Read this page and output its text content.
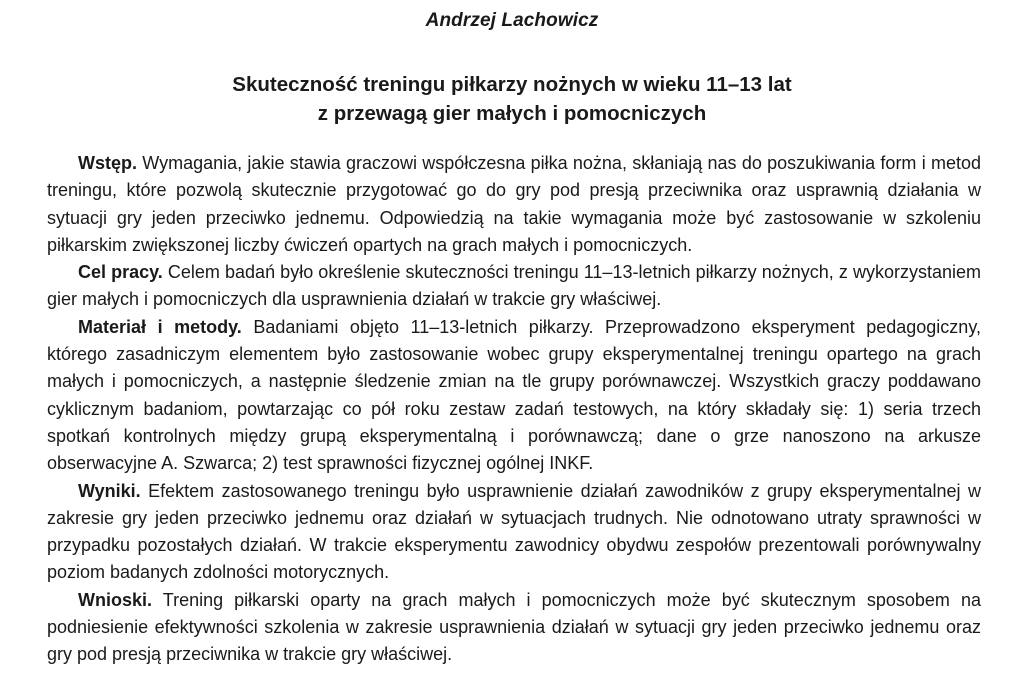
Andrzej Lachowicz
Skuteczność treningu piłkarzy nożnych w wieku 11–13 lat
z przewagą gier małych i pomocniczych

Wstęp. Wymagania, jakie stawia graczowi współczesna piłka nożna, skłaniają nas do poszukiwania form i metod treningu, które pozwolą skutecznie przygotować go do gry pod presją przeciwnika oraz usprawnią działania w sytuacji gry jeden przeciwko jednemu. Odpowiedzią na takie wymagania może być zastosowanie w szkoleniu piłkarskim zwiększonej liczby ćwiczeń opartych na grach małych i pomocniczych.

Cel pracy. Celem badań było określenie skuteczności treningu 11–13-letnich piłkarzy nożnych, z wykorzystaniem gier małych i pomocniczych dla usprawnienia działań w trakcie gry właściwej.

Materiał i metody. Badaniami objęto 11–13-letnich piłkarzy. Przeprowadzono eksperyment pedagogiczny, którego zasadniczym elementem było zastosowanie wobec grupy eksperymentalnej treningu opartego na grach małych i pomocniczych, a następnie śledzenie zmian na tle grupy porównawczej. Wszystkich graczy poddawano cyklicznym badaniom, powtarzając co pół roku zestaw zadań testowych, na który składały się: 1) seria trzech spotkań kontrolnych między grupą eksperymentalną i porównawczą; dane o grze nanoszono na arkusze obserwacyjne A. Szwarca; 2) test sprawności fizycznej ogólnej INKF.

Wyniki. Efektem zastosowanego treningu było usprawnienie działań zawodników z grupy eksperymentalnej w zakresie gry jeden przeciwko jednemu oraz działań w sytuacjach trudnych. Nie odnotowano utraty sprawności w przypadku pozostałych działań. W trakcie eksperymentu zawodnicy obydwu zespołów prezentowali porównywalny poziom badanych zdolności motorycznych.

Wnioski. Trening piłkarski oparty na grach małych i pomocniczych może być skutecznym sposobem na podniesienie efektywności szkolenia w zakresie usprawnienia działań w sytuacji gry jeden przeciwko jednemu oraz gry pod presją przeciwnika w trakcie gry właściwej.
